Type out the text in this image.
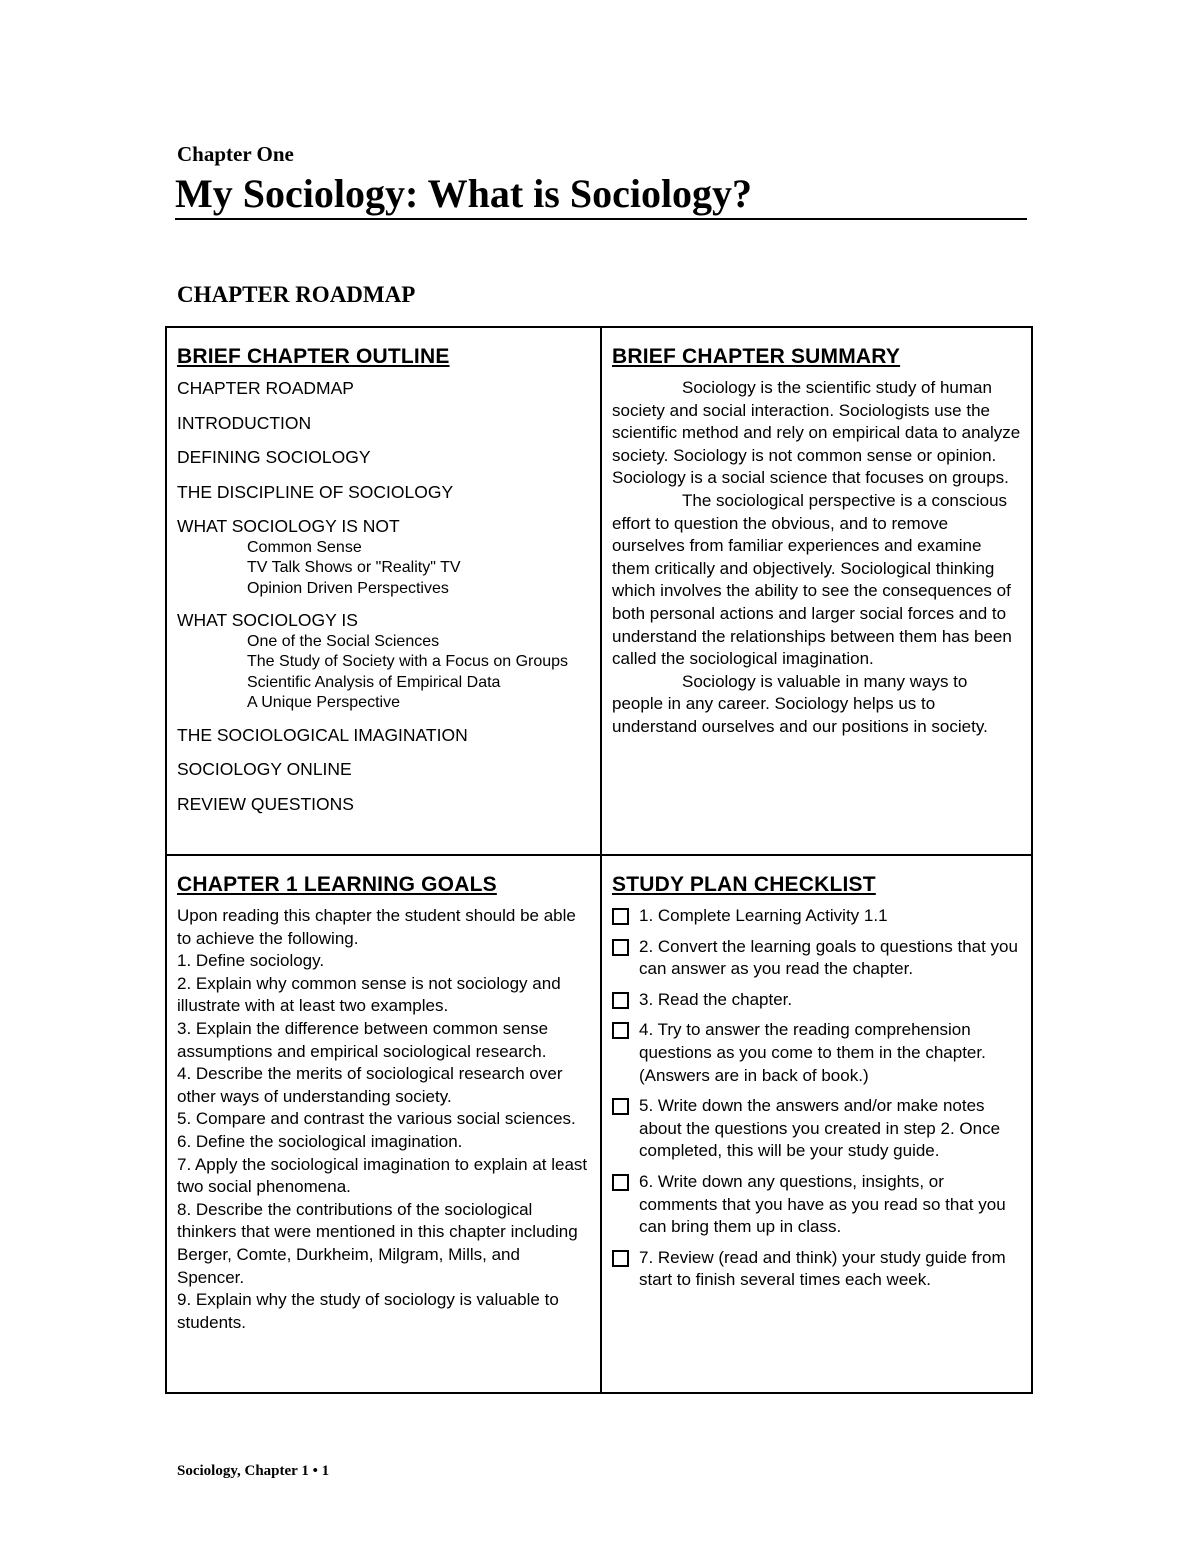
Chapter One
My Sociology: What is Sociology?
CHAPTER ROADMAP
BRIEF CHAPTER OUTLINE
CHAPTER ROADMAP
INTRODUCTION
DEFINING SOCIOLOGY
THE DISCIPLINE OF SOCIOLOGY
WHAT SOCIOLOGY IS NOT
Common Sense
TV Talk Shows or "Reality" TV
Opinion Driven Perspectives
WHAT SOCIOLOGY IS
One of the Social Sciences
The Study of Society with a Focus on Groups
Scientific Analysis of Empirical Data
A Unique Perspective
THE SOCIOLOGICAL IMAGINATION
SOCIOLOGY ONLINE
REVIEW QUESTIONS
BRIEF CHAPTER SUMMARY

Sociology is the scientific study of human society and social interaction. Sociologists use the scientific method and rely on empirical data to analyze society. Sociology is not common sense or opinion. Sociology is a social science that focuses on groups.

The sociological perspective is a conscious effort to question the obvious, and to remove ourselves from familiar experiences and examine them critically and objectively. Sociological thinking which involves the ability to see the consequences of both personal actions and larger social forces and to understand the relationships between them has been called the sociological imagination.

Sociology is valuable in many ways to people in any career. Sociology helps us to understand ourselves and our positions in society.

CHAPTER 1 LEARNING GOALS

Upon reading this chapter the student should be able to achieve the following.

1. Define sociology.

2. Explain why common sense is not sociology and illustrate with at least two examples.

3. Explain the difference between common sense assumptions and empirical sociological research.

4. Describe the merits of sociological research over other ways of understanding society.

5. Compare and contrast the various social sciences.

6. Define the sociological imagination.

7. Apply the sociological imagination to explain at least two social phenomena.

8. Describe the contributions of the sociological thinkers that were mentioned in this chapter including Berger, Comte, Durkheim, Milgram, Mills, and Spencer.

9. Explain why the study of sociology is valuable to students.

STUDY PLAN CHECKLIST
1. Complete Learning Activity 1.1
2. Convert the learning goals to questions that you can answer as you read the chapter.
3. Read the chapter.
4. Try to answer the reading comprehension questions as you come to them in the chapter. (Answers are in back of book.)
5. Write down the answers and/or make notes about the questions you created in step 2. Once completed, this will be your study guide.
6. Write down any questions, insights, or comments that you have as you read so that you can bring them up in class.
7. Review (read and think) your study guide from start to finish several times each week.
Sociology, Chapter 1 • 1
